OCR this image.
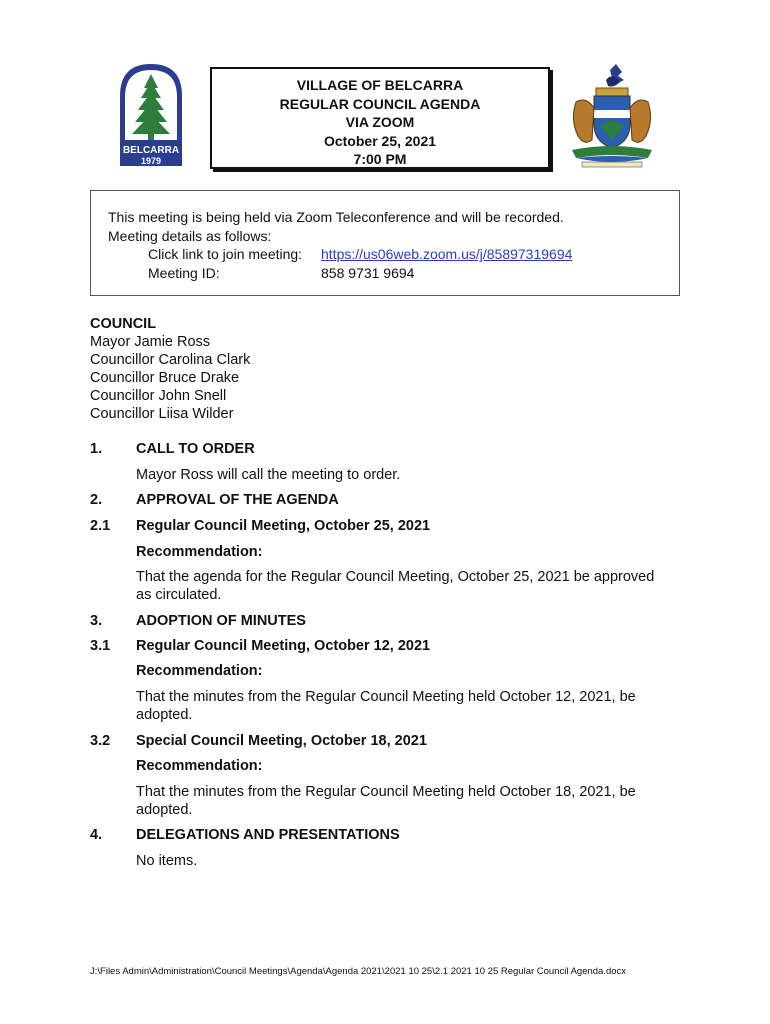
BELCARRA
1979
VILLAGE OF BELCARRA
REGULAR COUNCIL AGENDA
VIA ZOOM
October 25, 2021
7:00 PM
This meeting is being held via Zoom Teleconference and will be recorded.
Meeting details as follows:
Click link to join meeting:	https://us06web.zoom.us/j/85897319694
Meeting ID:	858 9731 9694
COUNCIL
Mayor Jamie Ross
Councillor Carolina Clark
Councillor Bruce Drake
Councillor John Snell
Councillor Liisa Wilder
1. CALL TO ORDER
Mayor Ross will call the meeting to order.
2. APPROVAL OF THE AGENDA
2.1 Regular Council Meeting, October 25, 2021
Recommendation:
That the agenda for the Regular Council Meeting, October 25, 2021 be approved
as circulated.
3. ADOPTION OF MINUTES
3.1 Regular Council Meeting, October 12, 2021
Recommendation:
That the minutes from the Regular Council Meeting held October 12, 2021, be
adopted.
3.2 Special Council Meeting, October 18, 2021
Recommendation:
That the minutes from the Regular Council Meeting held October 18, 2021, be
adopted.
4. DELEGATIONS AND PRESENTATIONS
No items.
J:\Files Admin\Administration\Council Meetings\Agenda\Agenda 2021\2021 10 25\2.1 2021 10 25 Regular Council Agenda.docx
